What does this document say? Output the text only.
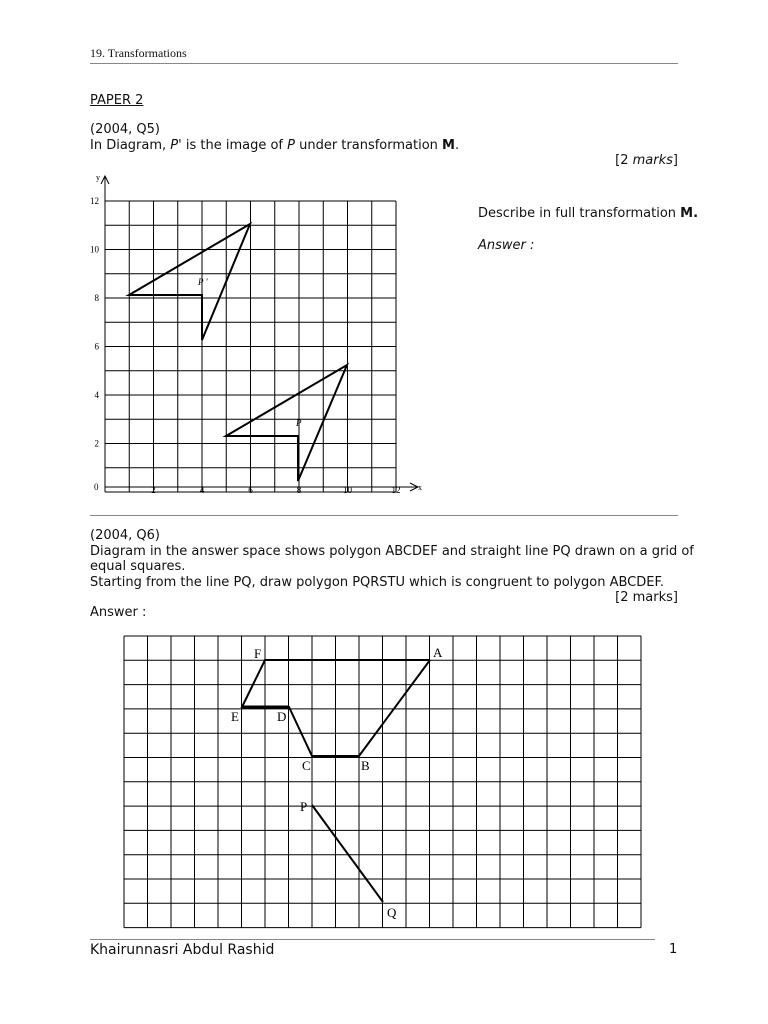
19. Transformations
PAPER 2
(2004, Q5)
In Diagram, P' is the image of P under transformation M.
[2 marks]
Describe in full transformation M.
Answer :
y
x
0	2	4	6	8	10	12
12
10
8
6
4
2
P '
P
(2004, Q6)
Diagram in the answer space shows polygon ABCDEF and straight line PQ drawn on a grid of
equal squares.
Starting from the line PQ, draw polygon PQRSTU which is congruent to polygon ABCDEF.
[2 marks]
Answer :
A
B
C
D
E
F
P
Q
Khairunnasri Abdul Rashid	1
